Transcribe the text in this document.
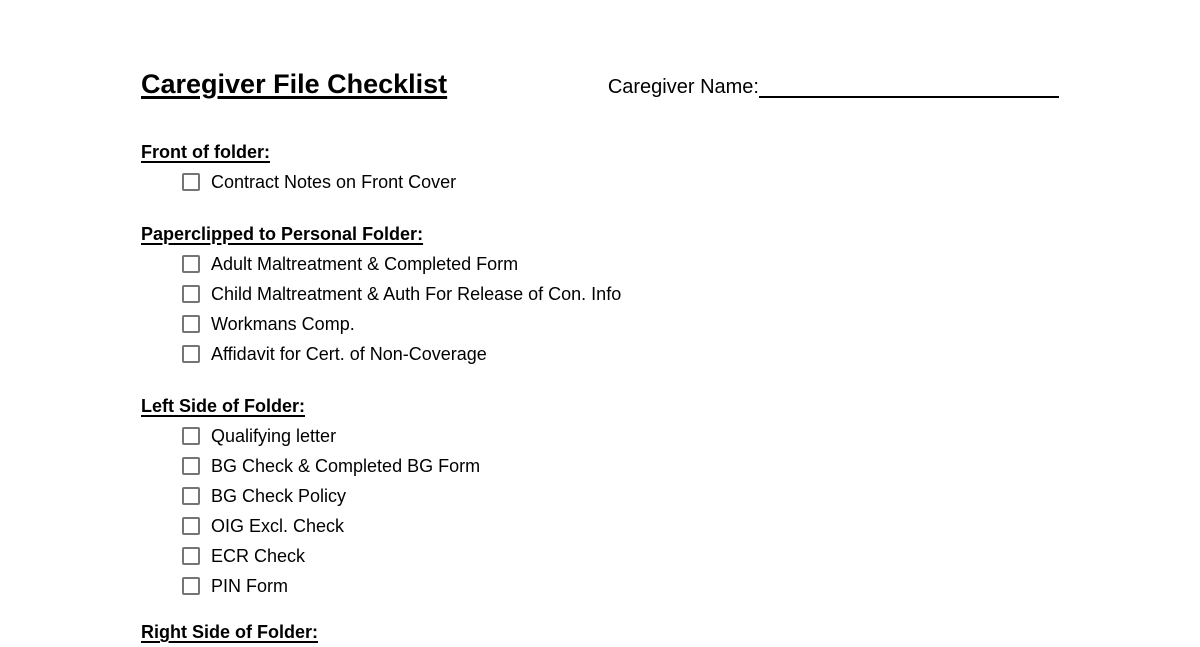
Caregiver File Checklist	Caregiver Name:
Front of folder:
Contract Notes on Front Cover
Paperclipped to Personal Folder:
Adult Maltreatment & Completed Form
Child Maltreatment & Auth For Release of Con. Info
Workmans Comp.
Affidavit for Cert. of Non-Coverage
Left Side of Folder:
Qualifying letter
BG Check & Completed BG Form
BG Check Policy
OIG Excl. Check
ECR Check
PIN Form
Right Side of Folder:
